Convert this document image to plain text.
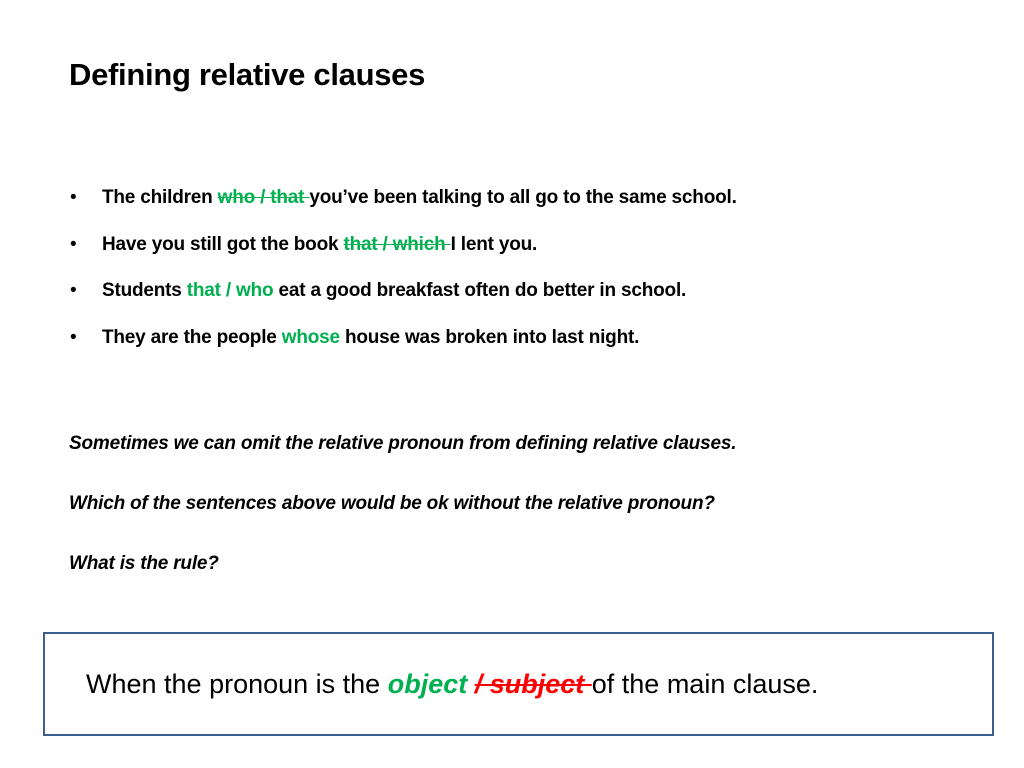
Defining relative clauses
• The children who / that you’ve been talking to all go to the same school.
• Have you still got the book that / which I lent you.
• Students that / who eat a good breakfast often do better in school.
• They are the people whose house was broken into last night.

Sometimes we can omit the relative pronoun from defining relative clauses.

Which of the sentences above would be ok without the relative pronoun?

What is the rule?

When the pronoun is the object / subject of the main clause.
